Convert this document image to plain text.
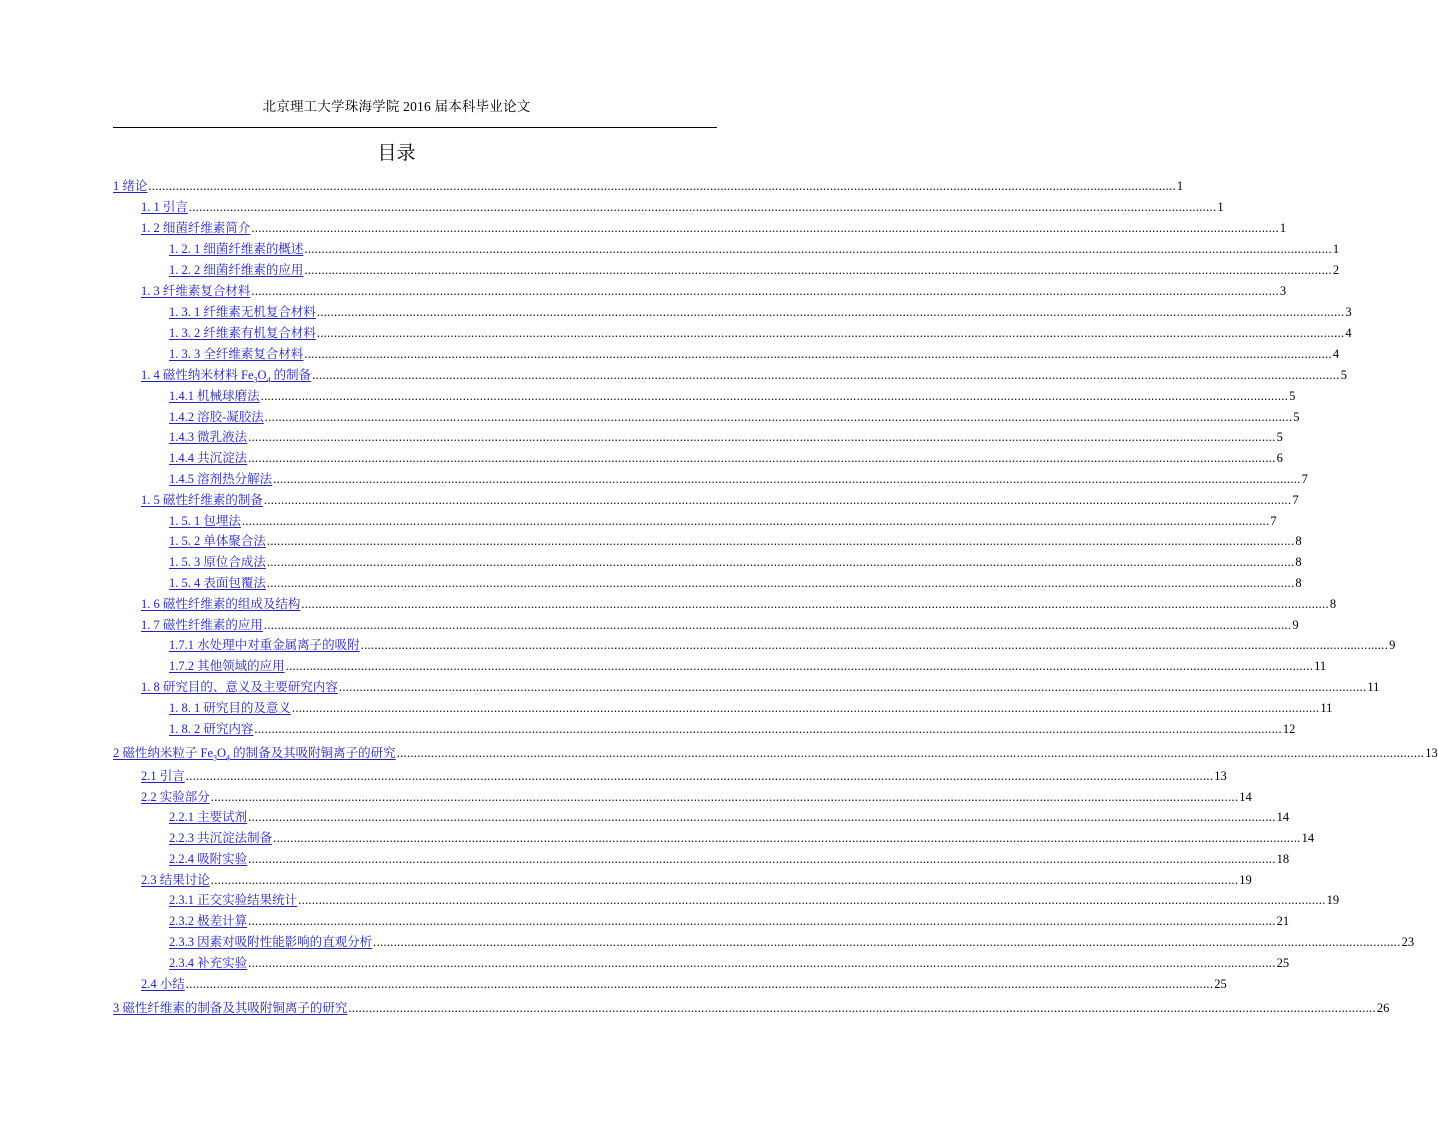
北京理工大学珠海学院 2016 届本科毕业论文
目录
1 绪论 ............................................................................................................................................................................................................................................................................................................ 1
1. 1 引言 ............................................................................................................................................................................................................................................................................................................ 1
1. 2 细菌纤维素简介 ............................................................................................................................................................................................................................................................................................................ 1
1. 2. 1 细菌纤维素的概述 ............................................................................................................................................................................................................................................................................................................ 1
1. 2. 2 细菌纤维素的应用 ............................................................................................................................................................................................................................................................................................................ 2
1. 3 纤维素复合材料 ............................................................................................................................................................................................................................................................................................................ 3
1. 3. 1 纤维素无机复合材料 ............................................................................................................................................................................................................................................................................................................ 3
1. 3. 2 纤维素有机复合材料 ............................................................................................................................................................................................................................................................................................................ 4
1. 3. 3 全纤维素复合材料 ............................................................................................................................................................................................................................................................................................................ 4
1. 4 磁性纳米材料 $Fe_3O_4$ 的制备 ............................................................................................................................................................................................................................................................................................................ 5
1.4.1 机械球磨法 ............................................................................................................................................................................................................................................................................................................ 5
1.4.2 溶胶-凝胶法 ............................................................................................................................................................................................................................................................................................................ 5
1.4.3 微乳液法 ............................................................................................................................................................................................................................................................................................................ 5
1.4.4 共沉淀法 ............................................................................................................................................................................................................................................................................................................ 6
1.4.5 溶剂热分解法 ............................................................................................................................................................................................................................................................................................................ 7
1. 5 磁性纤维素的制备 ............................................................................................................................................................................................................................................................................................................ 7
1. 5. 1 包埋法 ............................................................................................................................................................................................................................................................................................................ 7
1. 5. 2 单体聚合法 ............................................................................................................................................................................................................................................................................................................ 8
1. 5. 3 原位合成法 ............................................................................................................................................................................................................................................................................................................ 8
1. 5. 4 表面包覆法 ............................................................................................................................................................................................................................................................................................................ 8
1. 6 磁性纤维素的组成及结构 ............................................................................................................................................................................................................................................................................................................ 8
1. 7 磁性纤维素的应用 ............................................................................................................................................................................................................................................................................................................ 9
1.7.1 水处理中对重金属离子的吸附 ............................................................................................................................................................................................................................................................................................................ 9
1.7.2 其他领域的应用 ............................................................................................................................................................................................................................................................................................................ 11
1. 8 研究目的、意义及主要研究内容 ............................................................................................................................................................................................................................................................................................................ 11
1. 8. 1 研究目的及意义 ............................................................................................................................................................................................................................................................................................................ 11
1. 8. 2 研究内容 ............................................................................................................................................................................................................................................................................................................ 12
2 磁性纳米粒子 $Fe_3O_4$ 的制备及其吸附铜离子的研究 ............................................................................................................................................................................................................................................................................................................ 13
2.1 引言 ............................................................................................................................................................................................................................................................................................................ 13
2.2 实验部分 ............................................................................................................................................................................................................................................................................................................ 14
2.2.1 主要试剂 ............................................................................................................................................................................................................................................................................................................ 14
2.2.3 共沉淀法制备 ............................................................................................................................................................................................................................................................................................................ 14
2.2.4 吸附实验 ............................................................................................................................................................................................................................................................................................................ 18
2.3 结果讨论 ............................................................................................................................................................................................................................................................................................................ 19
2.3.1 正交实验结果统计 ............................................................................................................................................................................................................................................................................................................ 19
2.3.2 极差计算 ............................................................................................................................................................................................................................................................................................................ 21
2.3.3 因素对吸附性能影响的直观分析 ............................................................................................................................................................................................................................................................................................................ 23
2.3.4 补充实验 ............................................................................................................................................................................................................................................................................................................ 25
2.4 小结 ............................................................................................................................................................................................................................................................................................................ 25
3 磁性纤维素的制备及其吸附铜离子的研究 ............................................................................................................................................................................................................................................................................................................ 26
